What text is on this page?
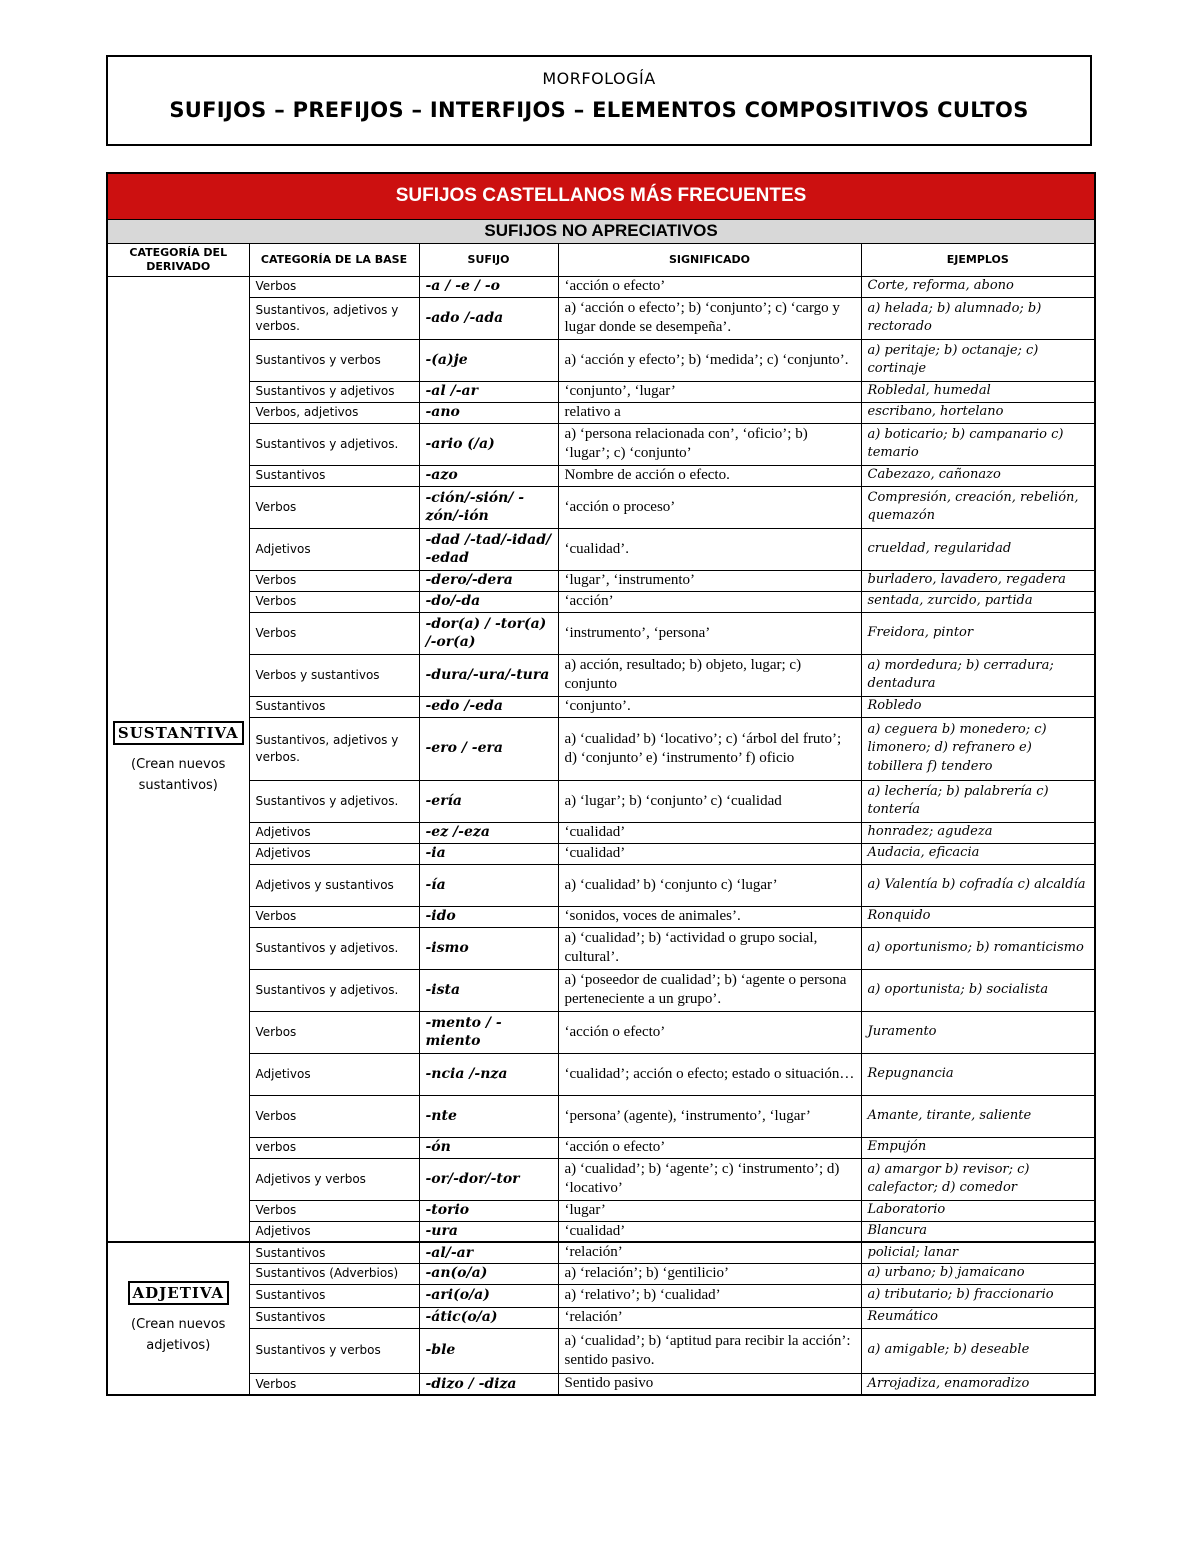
MORFOLOGÍA
SUFIJOS – PREFIJOS – INTERFIJOS – ELEMENTOS COMPOSITIVOS CULTOS
SUFIJOS CASTELLANOS MÁS FRECUENTES				
SUFIJOS NO APRECIATIVOS				
CATEGORÍA DEL DERIVADO	CATEGORÍA DE LA BASE	SUFIJO	SIGNIFICADO	EJEMPLOS
SUSTANTIVA
(Crean nuevos sustantivos)	Verbos	-a / -e / -o	‘acción o efecto’	Corte, reforma, abono
	Sustantivos, adjetivos y verbos.	-ado /-ada	a) ‘acción o efecto’; b) ‘conjunto’; c) ‘cargo y lugar donde se desempeña’.	a) helada; b) alumnado; b) rectorado
	Sustantivos y verbos	-(a)je	a) ‘acción y efecto’; b) ‘medida’; c) ‘conjunto’.	a) peritaje; b) octanaje; c) cortinaje
	Sustantivos y adjetivos	-al /-ar	‘conjunto’, ‘lugar’	Robledal, humedal
	Verbos, adjetivos	-ano	relativo a	escribano, hortelano
	Sustantivos y adjetivos.	-ario (/a)	a) ‘persona relacionada con’, ‘oficio’; b) ‘lugar’; c) ‘conjunto’	a) boticario; b) campanario c) temario
	Sustantivos	-azo	Nombre de acción o efecto.	Cabezazo, cañonazo
	Verbos	-ción/-sión/ -zón/-ión	‘acción o proceso’	Compresión, creación, rebelión, quemazón
	Adjetivos	-dad /-tad/-idad/ -edad	‘cualidad’.	crueldad, regularidad
	Verbos	-dero/-dera	‘lugar’, ‘instrumento’	burladero, lavadero, regadera
	Verbos	-do/-da	‘acción’	sentada, zurcido, partida
	Verbos	-dor(a) / -tor(a) /-or(a)	‘instrumento’, ‘persona’	Freidora, pintor
	Verbos y sustantivos	-dura/-ura/-tura	a) acción, resultado; b) objeto, lugar; c) conjunto	a) mordedura; b) cerradura; dentadura
	Sustantivos	-edo /-eda	‘conjunto’.	Robledo
	Sustantivos, adjetivos y verbos.	-ero / -era	a) ‘cualidad’ b) ‘locativo’; c) ‘árbol del fruto’; d) ‘conjunto’ e) ‘instrumento’ f) oficio	a) ceguera b) monedero; c) limonero; d) refranero e) tobillera f) tendero
	Sustantivos y adjetivos.	-ería	a) ‘lugar’; b) ‘conjunto’ c) ‘cualidad	a) lechería; b) palabrería c) tontería
	Adjetivos	-ez /-eza	‘cualidad’	honradez; agudeza
	Adjetivos	-ia	‘cualidad’	Audacia, eficacia
	Adjetivos y sustantivos	-ía	a) ‘cualidad’ b) ‘conjunto c) ‘lugar’	a) Valentía b) cofradía c) alcaldía
	Verbos	-ido	‘sonidos, voces de animales’.	Ronquido
	Sustantivos y adjetivos.	-ismo	a) ‘cualidad’; b) ‘actividad o grupo social, cultural’.	a) oportunismo; b) romanticismo
	Sustantivos y adjetivos.	-ista	a) ‘poseedor de cualidad’; b) ‘agente o persona perteneciente a un grupo’.	a) oportunista; b) socialista
	Verbos	-mento / -miento	‘acción o efecto’	Juramento
	Adjetivos	-ncia /-nza	‘cualidad’; acción o efecto; estado o situación…	Repugnancia
	Verbos	-nte	‘persona’ (agente), ‘instrumento’, ‘lugar’	Amante, tirante, saliente
	verbos	-ón	‘acción o efecto’	Empujón
	Adjetivos y verbos	-or/-dor/-tor	a) ‘cualidad’; b) ‘agente’; c) ‘instrumento’; d) ‘locativo’	a) amargor b) revisor; c) calefactor; d) comedor
	Verbos	-torio	‘lugar’	Laboratorio
	Adjetivos	-ura	‘cualidad’	Blancura
ADJETIVA
(Crean nuevos adjetivos)	Sustantivos	-al/-ar	‘relación’	policial; lanar
	Sustantivos (Adverbios)	-an(o/a)	a) ‘relación’; b) ‘gentilicio’	a) urbano; b) jamaicano
	Sustantivos	-ari(o/a)	a) ‘relativo’; b) ‘cualidad’	a) tributario; b) fraccionario
	Sustantivos	-átic(o/a)	‘relación’	Reumático
	Sustantivos y verbos	-ble	a) ‘cualidad’; b) ‘aptitud para recibir la acción’: sentido pasivo.	a) amigable; b) deseable
	Verbos	-dizo / -diza	Sentido pasivo	Arrojadiza, enamoradizo
